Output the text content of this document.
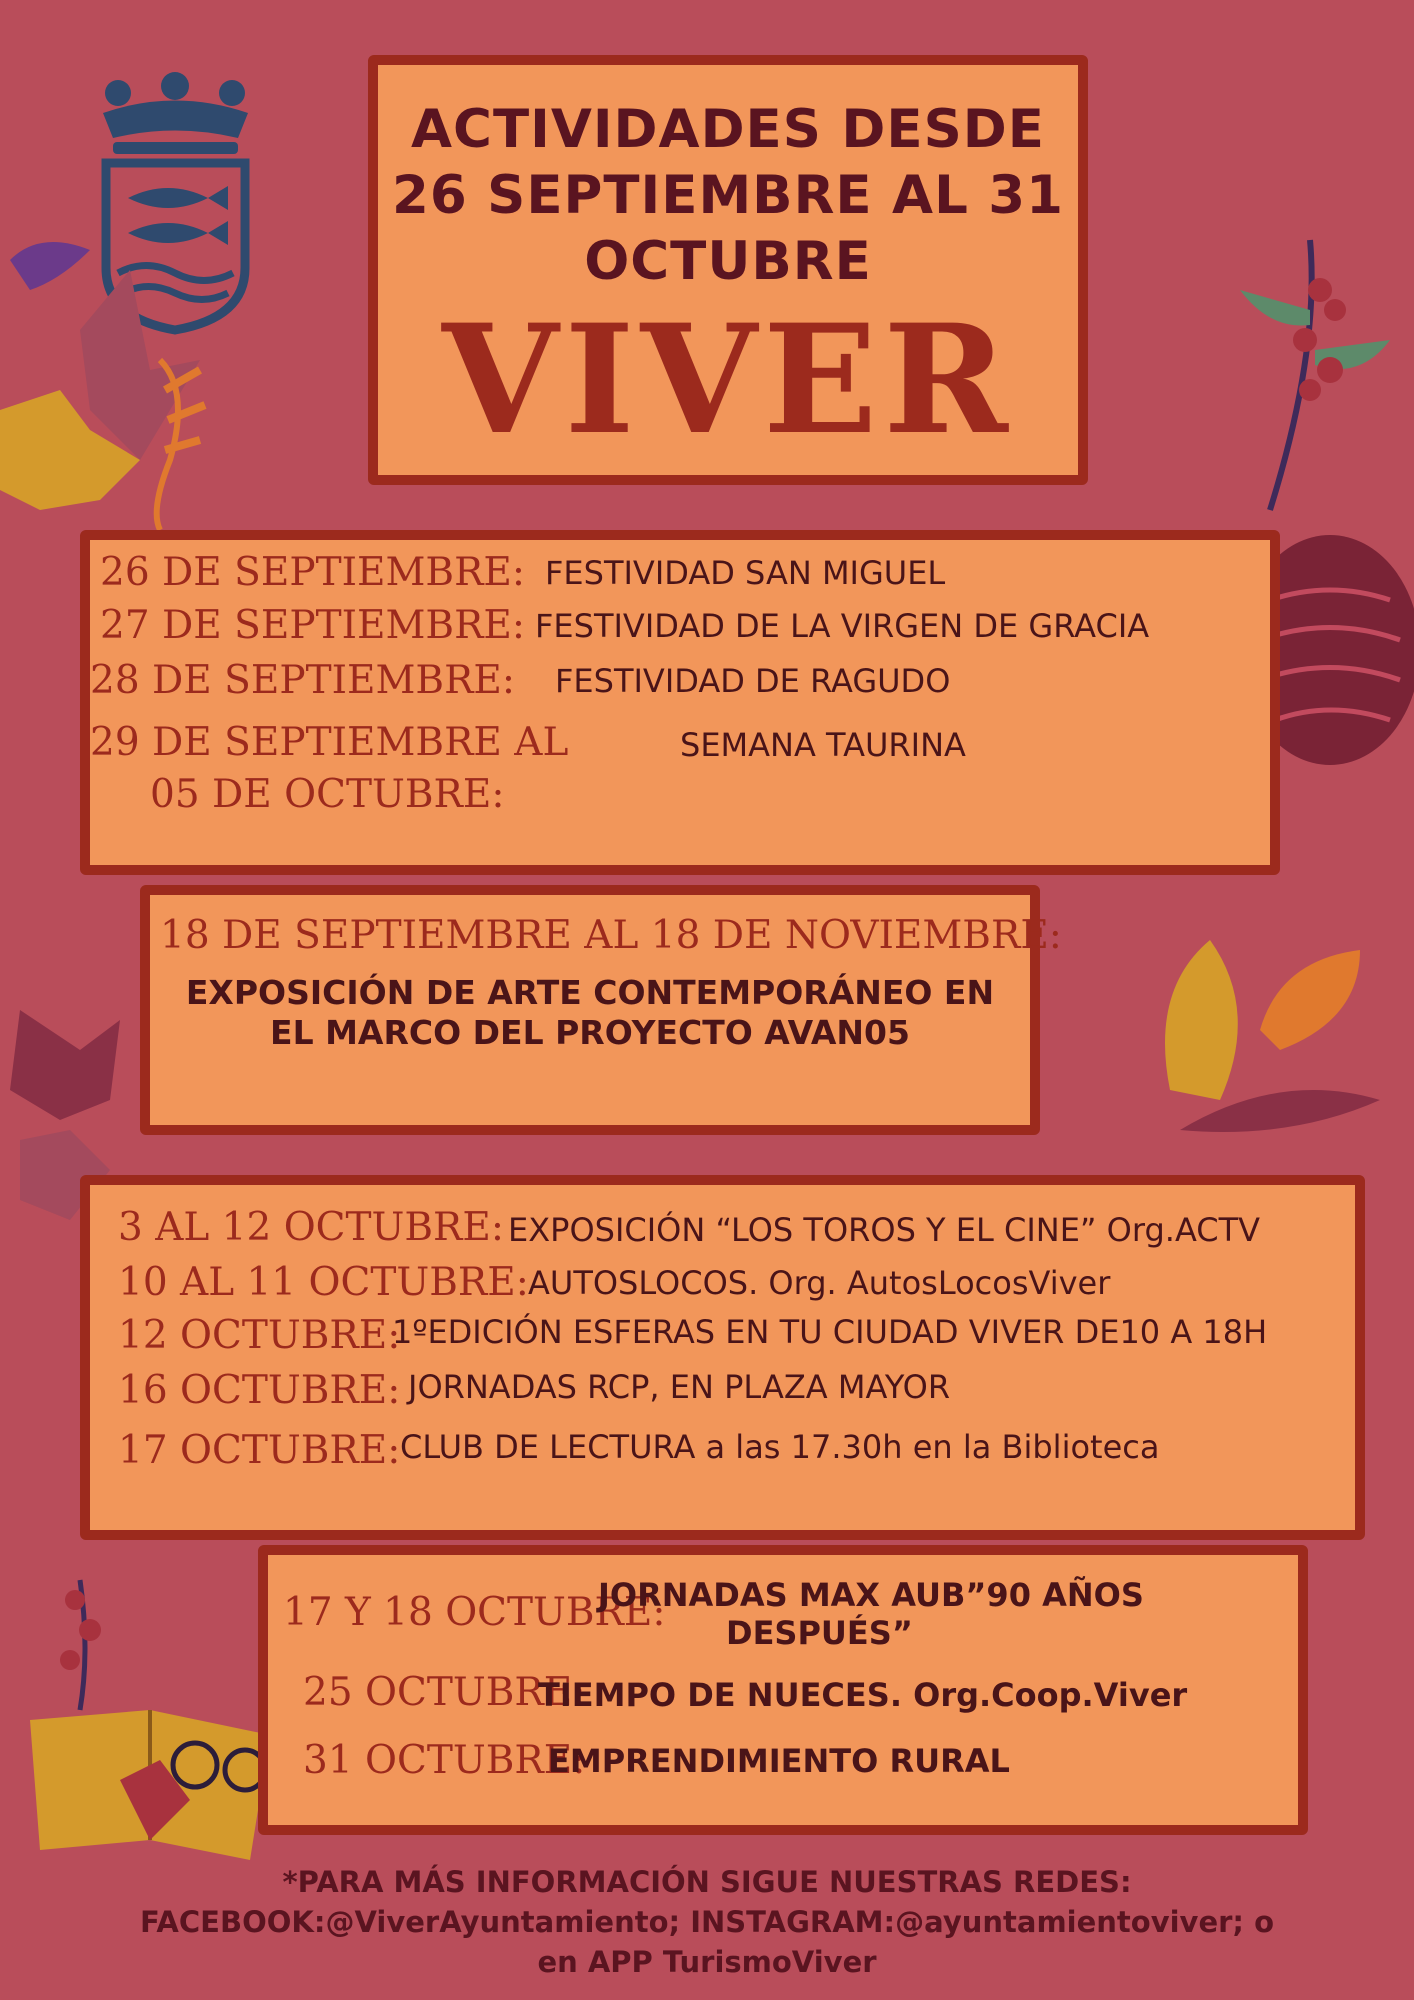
ACTIVIDADES DESDE
26 SEPTIEMBRE AL 31
OCTUBRE
VIVER
26 DE SEPTIEMBRE: FESTIVIDAD SAN MIGUEL
27 DE SEPTIEMBRE: FESTIVIDAD DE LA VIRGEN DE GRACIA
28 DE SEPTIEMBRE: FESTIVIDAD DE RAGUDO
29 DE SEPTIEMBRE AL	SEMANA TAURINA
05 DE OCTUBRE:
18 DE SEPTIEMBRE AL 18 DE NOVIEMBRE:
EXPOSICIÓN DE ARTE CONTEMPORÁNEO EN
EL MARCO DEL PROYECTO AVAN05
3 AL 12 OCTUBRE: EXPOSICIÓN “LOS TOROS Y EL CINE” Org.ACTV
10 AL 11 OCTUBRE: AUTOSLOCOS. Org. AutosLocosViver
12 OCTUBRE:
1ºEDICIÓN ESFERAS EN TU CIUDAD VIVER DE10 A 18H
16 OCTUBRE: JORNADAS RCP, EN PLAZA MAYOR
17 OCTUBRE: CLUB DE LECTURA a las 17.30h en la Biblioteca
17 Y 18 OCTUBRE:
JORNADAS MAX AUB”90 AÑOS
DESPUÉS”
25 OCTUBRE:
TIEMPO DE NUECES. Org.Coop.Viver
31 OCTUBRE:
EMPRENDIMIENTO RURAL
*PARA MÁS INFORMACIÓN SIGUE NUESTRAS REDES:
FACEBOOK:@ViverAyuntamiento; INSTAGRAM:@ayuntamientoviver; o
en APP TurismoViver
